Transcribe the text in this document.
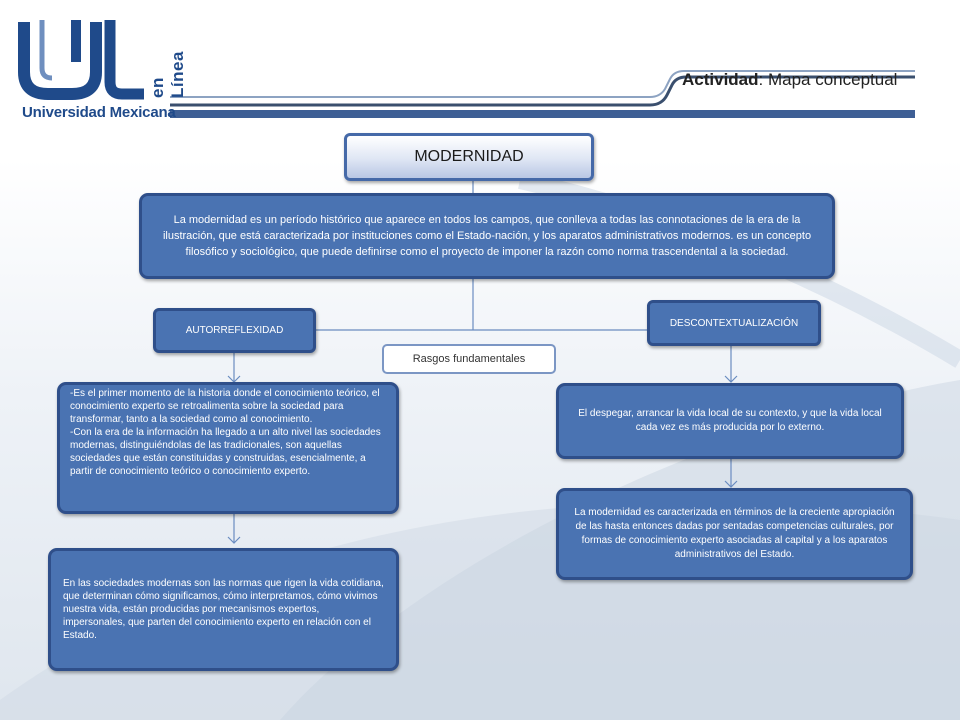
en Línea
Universidad Mexicana
Actividad: Mapa conceptual
MODERNIDAD
La modernidad es un período histórico que aparece en todos los campos, que conlleva a todas las connotaciones de la era de la ilustración, que está caracterizada por instituciones como el Estado-nación, y los aparatos administrativos modernos. es un concepto filosófico y sociológico, que puede definirse como el proyecto de imponer la razón como norma trascendental a la sociedad.
AUTORREFLEXIDAD
DESCONTEXTUALIZACIÓN
Rasgos fundamentales
-Es el primer momento de la historia donde el conocimiento teórico, el conocimiento experto se retroalimenta sobre la sociedad para transformar, tanto a la sociedad como al conocimiento.
-Con la era de la información ha llegado a un alto nivel las sociedades modernas, distinguiéndolas de las tradicionales, son aquellas sociedades que están constituidas y construidas, esencialmente, a partir de conocimiento teórico o conocimiento experto.
En las sociedades modernas son las normas que rigen la vida cotidiana, que determinan cómo significamos, cómo interpretamos, cómo vivimos nuestra vida, están producidas por mecanismos expertos, impersonales, que parten del conocimiento experto en relación con el Estado.
El despegar, arrancar la vida local de su contexto, y que la vida local cada vez es más producida por lo externo.
La modernidad es caracterizada en términos de la creciente apropiación de las hasta entonces dadas por sentadas competencias culturales, por formas de conocimiento experto asociadas al capital y a los aparatos administrativos del Estado.
